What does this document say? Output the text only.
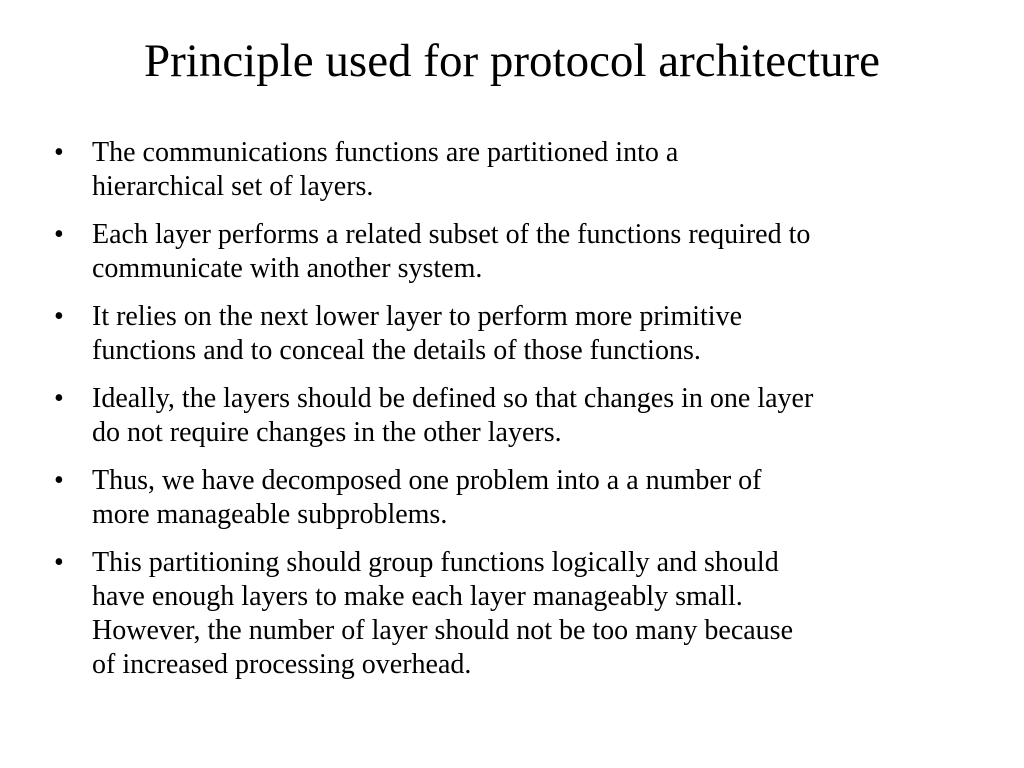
Principle used for protocol architecture
•	The communications functions are partitioned into a
hierarchical set of layers.
•	Each layer performs a related subset of the functions required to
communicate with another system.
•	It relies on the next lower layer to perform more primitive
functions and to conceal the details of those functions.
•	Ideally, the layers should be defined so that changes in one layer
do not require changes in the other layers.
•	Thus, we have decomposed one problem into a a number of
more manageable subproblems.
•	This partitioning should group functions logically and should
have enough layers to make each layer manageably small.
However, the number of layer should not be too many because
of increased processing overhead.
